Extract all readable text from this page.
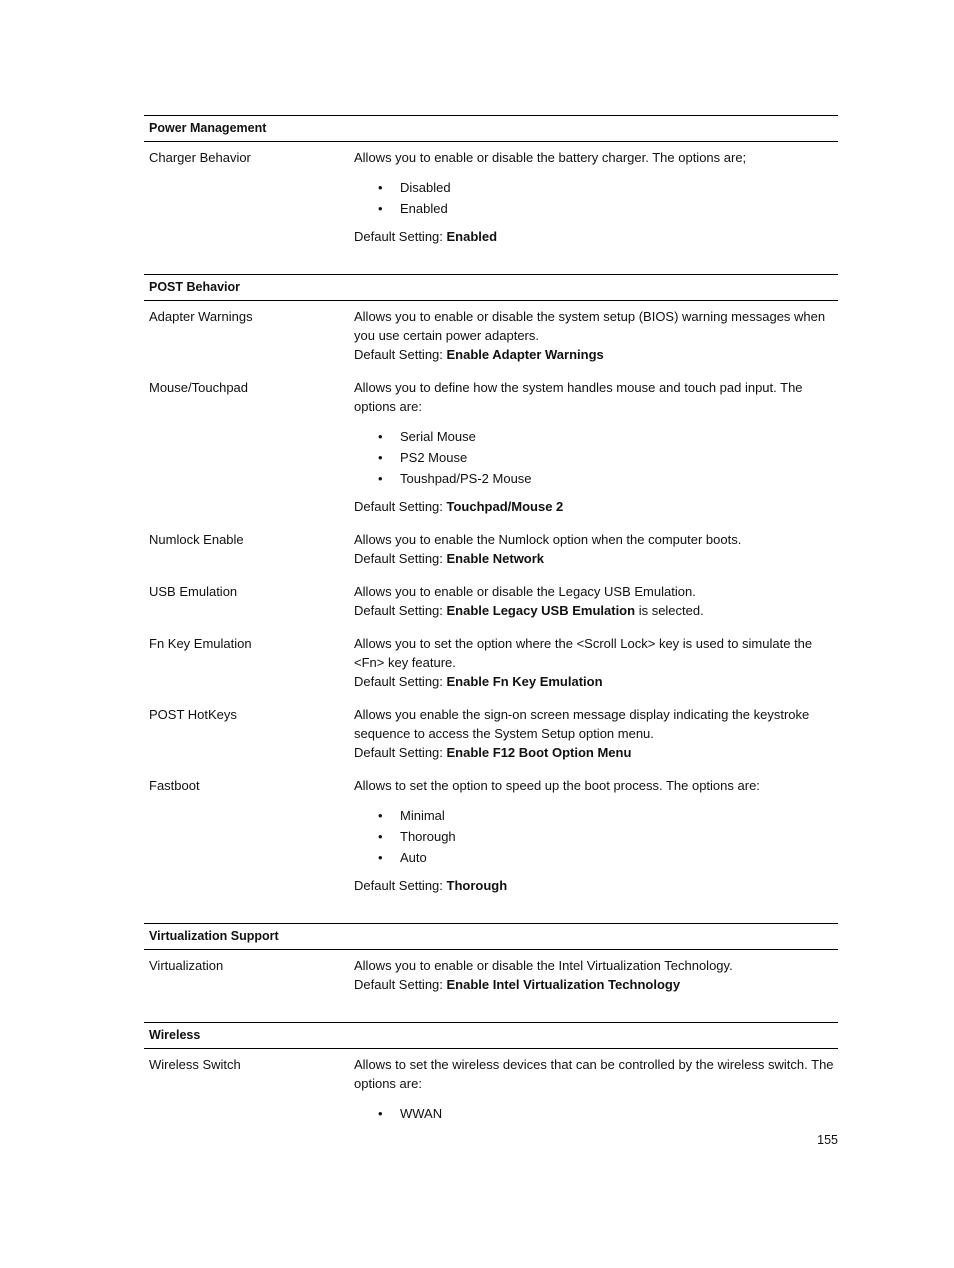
Power Management
Charger Behavior	Allows you to enable or disable the battery charger. The options are;

• Disabled
• Enabled

Default Setting: Enabled

POST Behavior
Adapter Warnings	Allows you to enable or disable the system setup (BIOS) warning messages when you use certain power adapters.

Default Setting: Enable Adapter Warnings

Mouse/Touchpad	Allows you to define how the system handles mouse and touch pad input. The options are:

• Serial Mouse
• PS2 Mouse
• Toushpad/PS-2 Mouse

Default Setting: Touchpad/Mouse 2

Numlock Enable	Allows you to enable the Numlock option when the computer boots.

Default Setting: Enable Network

USB Emulation	Allows you to enable or disable the Legacy USB Emulation.

Default Setting: Enable Legacy USB Emulation is selected.

Fn Key Emulation	Allows you to set the option where the <Scroll Lock> key is used to simulate the <Fn> key feature.

Default Setting: Enable Fn Key Emulation

POST HotKeys	Allows you enable the sign-on screen message display indicating the keystroke sequence to access the System Setup option menu.

Default Setting: Enable F12 Boot Option Menu

Fastboot	Allows to set the option to speed up the boot process. The options are:

• Minimal
• Thorough
• Auto

Default Setting: Thorough

Virtualization Support
Virtualization	Allows you to enable or disable the Intel Virtualization Technology.

Default Setting: Enable Intel Virtualization Technology

Wireless
Wireless Switch	Allows to set the wireless devices that can be controlled by the wireless switch. The options are:

• WWAN
155
